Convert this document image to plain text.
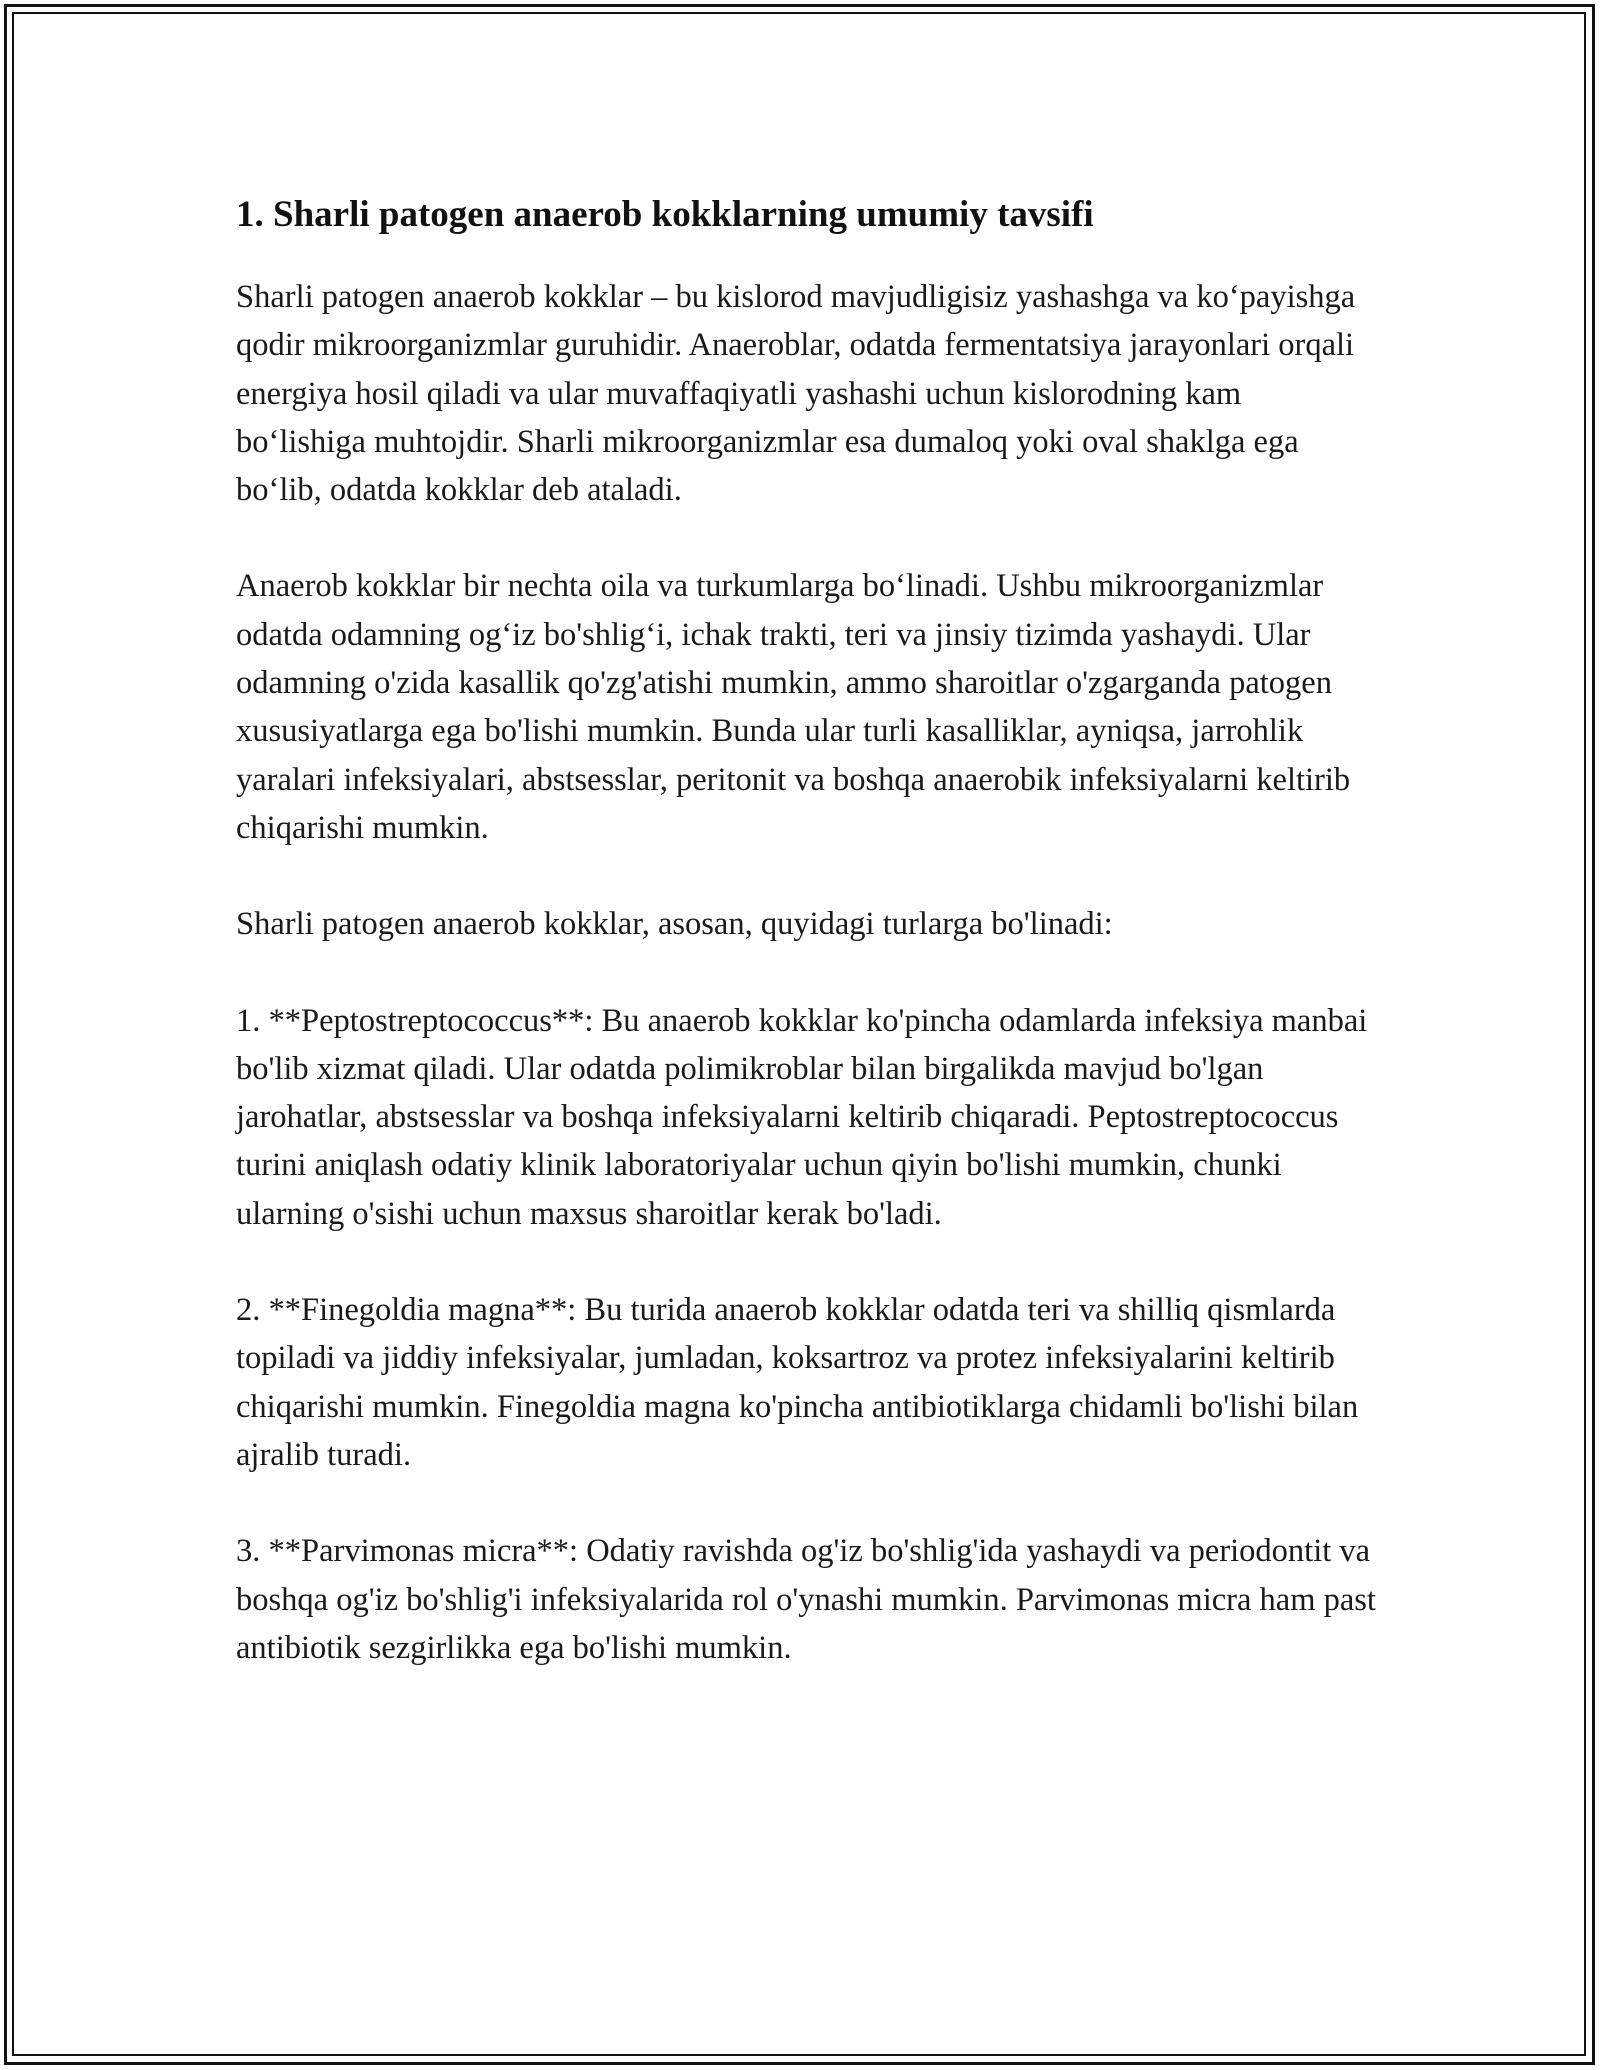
1. Sharli patogen anaerob kokklarning umumiy tavsifi

Sharli patogen anaerob kokklar – bu kislorod mavjudligisiz yashashga va ko‘payishga qodir mikroorganizmlar guruhidir. Anaeroblar, odatda fermentatsiya jarayonlari orqali energiya hosil qiladi va ular muvaffaqiyatli yashashi uchun kislorodning kam bo‘lishiga muhtojdir. Sharli mikroorganizmlar esa dumaloq yoki oval shaklga ega bo‘lib, odatda kokklar deb ataladi.

Anaerob kokklar bir nechta oila va turkumlarga bo‘linadi. Ushbu mikroorganizmlar odatda odamning og‘iz bo'shlig‘i, ichak trakti, teri va jinsiy tizimda yashaydi. Ular odamning o'zida kasallik qo'zg'atishi mumkin, ammo sharoitlar o'zgarganda patogen xususiyatlarga ega bo'lishi mumkin. Bunda ular turli kasalliklar, ayniqsa, jarrohlik yaralari infeksiyalari, abstsesslar, peritonit va boshqa anaerobik infeksiyalarni keltirib chiqarishi mumkin.

Sharli patogen anaerob kokklar, asosan, quyidagi turlarga bo'linadi:

1. **Peptostreptococcus**: Bu anaerob kokklar ko'pincha odamlarda infeksiya manbai bo'lib xizmat qiladi. Ular odatda polimikroblar bilan birgalikda mavjud bo'lgan jarohatlar, abstsesslar va boshqa infeksiyalarni keltirib chiqaradi. Peptostreptococcus turini aniqlash odatiy klinik laboratoriyalar uchun qiyin bo'lishi mumkin, chunki ularning o'sishi uchun maxsus sharoitlar kerak bo'ladi.

2. **Finegoldia magna**: Bu turida anaerob kokklar odatda teri va shilliq qismlarda topiladi va jiddiy infeksiyalar, jumladan, koksartroz va protez infeksiyalarini keltirib chiqarishi mumkin. Finegoldia magna ko'pincha antibiotiklarga chidamli bo'lishi bilan ajralib turadi.

3. **Parvimonas micra**: Odatiy ravishda og'iz bo'shlig'ida yashaydi va periodontit va boshqa og'iz bo'shlig'i infeksiyalarida rol o'ynashi mumkin. Parvimonas micra ham past antibiotik sezgirlikka ega bo'lishi mumkin.
